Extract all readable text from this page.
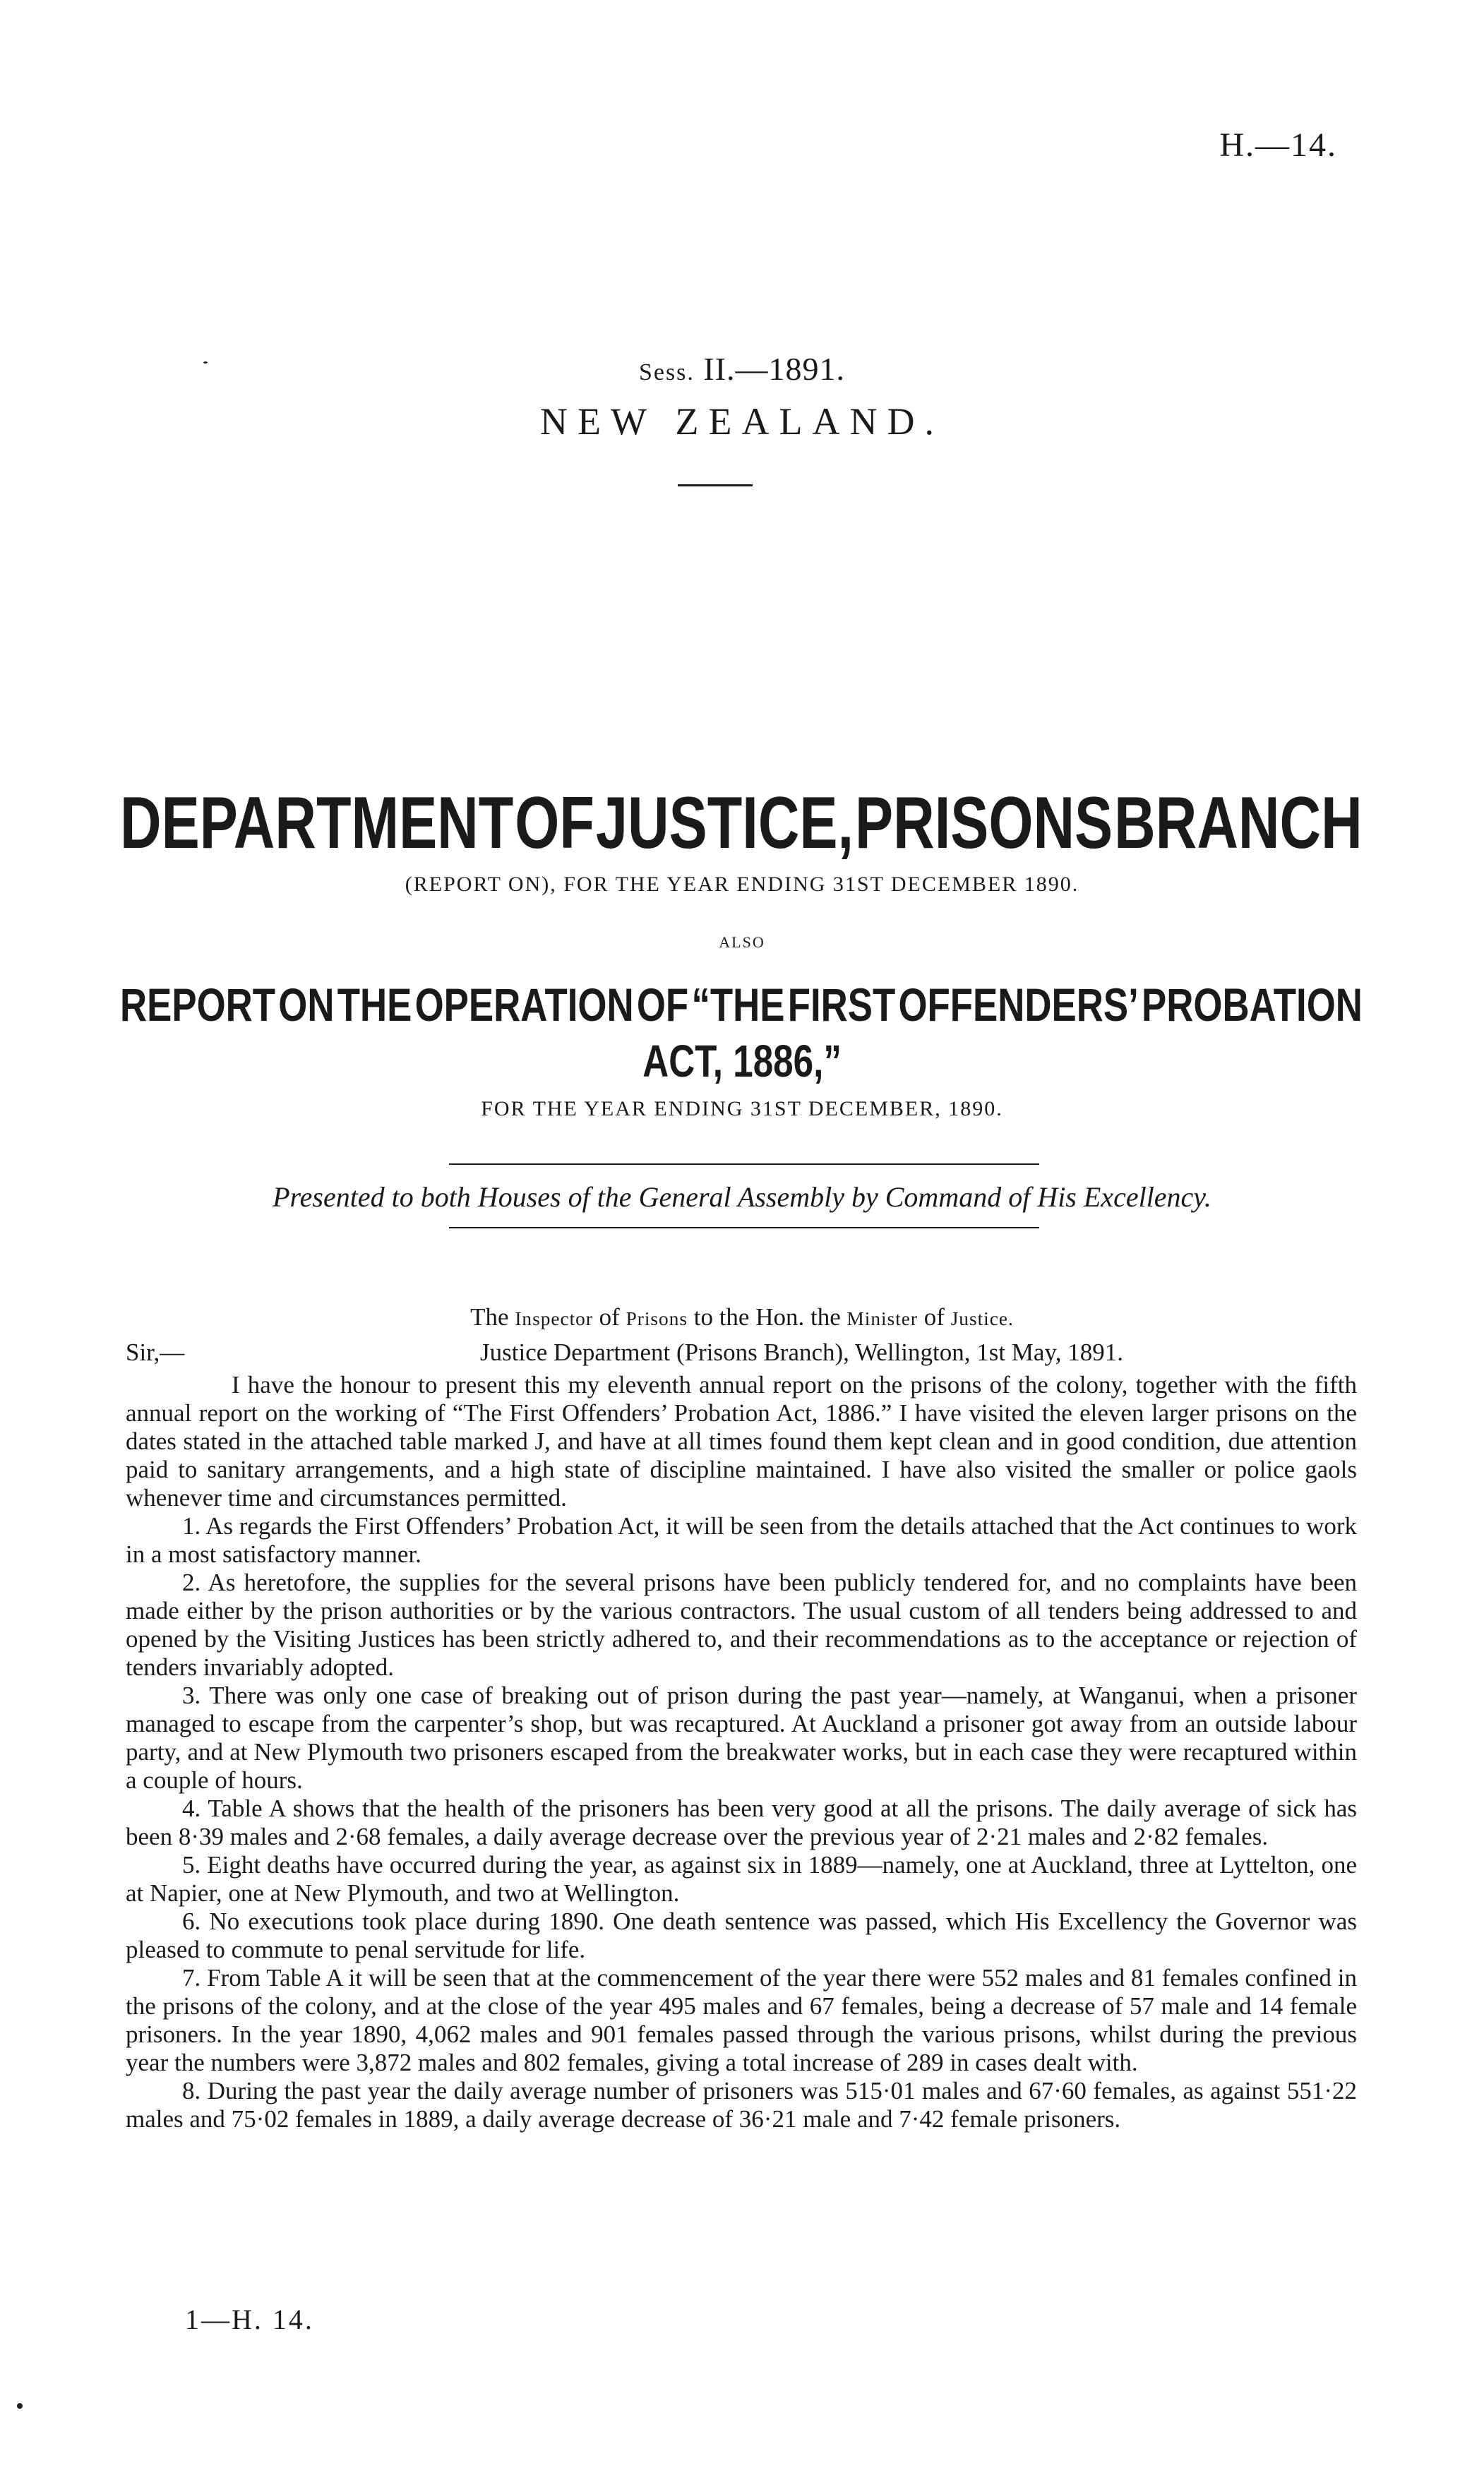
H.—14.
Sess. II.—1891.
NEW ZEALAND.
DEPARTMENT OF JUSTICE, PRISONS BRANCH
(REPORT ON), FOR THE YEAR ENDING 31ST DECEMBER 1890.
ALSO
REPORT ON THE OPERATION OF “THE FIRST OFFENDERS’ PROBATION
ACT, 1886,”
FOR THE YEAR ENDING 31ST DECEMBER, 1890.
Presented to both Houses of the General Assembly by Command of His Excellency.
The Inspector of Prisons to the Hon. the Minister of Justice.
Sir,—	Justice Department (Prisons Branch), Wellington, 1st May, 1891.

I have the honour to present this my eleventh annual report on the prisons of the colony, together with the fifth annual report on the working of “The First Offenders’ Probation Act, 1886.” I have visited the eleven larger prisons on the dates stated in the attached table marked J, and have at all times found them kept clean and in good condition, due attention paid to sanitary arrangements, and a high state of discipline maintained. I have also visited the smaller or police gaols whenever time and circumstances permitted.

1. As regards the First Offenders’ Probation Act, it will be seen from the details attached that the Act continues to work in a most satisfactory manner.

2. As heretofore, the supplies for the several prisons have been publicly tendered for, and no complaints have been made either by the prison authorities or by the various contractors. The usual custom of all tenders being addressed to and opened by the Visiting Justices has been strictly adhered to, and their recommendations as to the acceptance or rejection of tenders invariably adopted.

3. There was only one case of breaking out of prison during the past year—namely, at Wanganui, when a prisoner managed to escape from the carpenter’s shop, but was recaptured. At Auckland a prisoner got away from an outside labour party, and at New Plymouth two prisoners escaped from the breakwater works, but in each case they were recaptured within a couple of hours.

4. Table A shows that the health of the prisoners has been very good at all the prisons. The daily average of sick has been 8·39 males and 2·68 females, a daily average decrease over the previous year of 2·21 males and 2·82 females.

5. Eight deaths have occurred during the year, as against six in 1889—namely, one at Auckland, three at Lyttelton, one at Napier, one at New Plymouth, and two at Wellington.

6. No executions took place during 1890. One death sentence was passed, which His Excellency the Governor was pleased to commute to penal servitude for life.

7. From Table A it will be seen that at the commencement of the year there were 552 males and 81 females confined in the prisons of the colony, and at the close of the year 495 males and 67 females, being a decrease of 57 male and 14 female prisoners. In the year 1890, 4,062 males and 901 females passed through the various prisons, whilst during the previous year the numbers were 3,872 males and 802 females, giving a total increase of 289 in cases dealt with.

8. During the past year the daily average number of prisoners was 515·01 males and 67·60 females, as against 551·22 males and 75·02 females in 1889, a daily average decrease of 36·21 male and 7·42 female prisoners.

1—H. 14.
